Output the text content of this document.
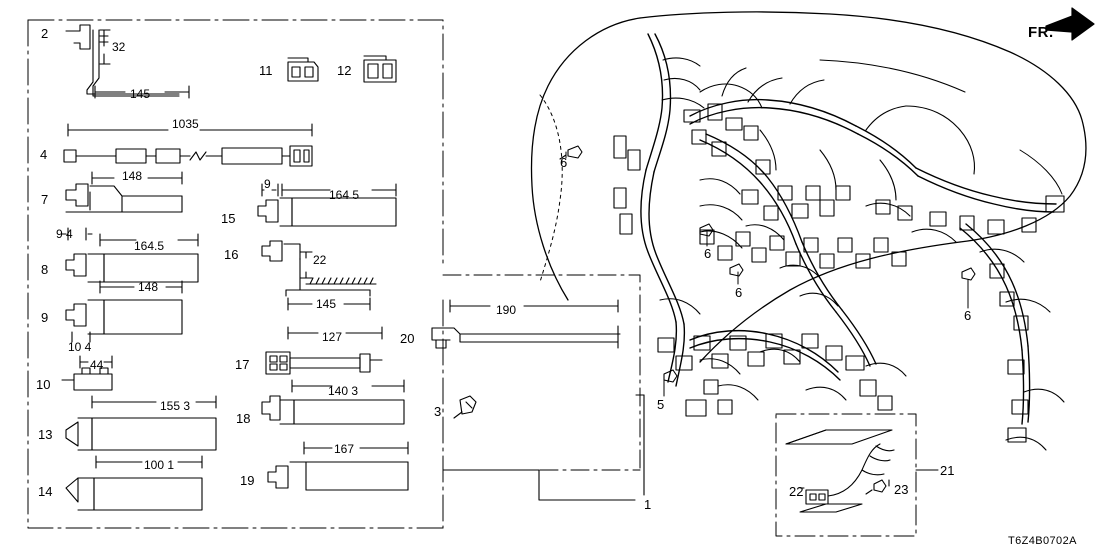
1
2
3
4
5
6
6
6
6
7
8
9
10
11	12
13
14
15
16
17
18
19
20
21
22	23
32
145
1035
148
9
164 5
9 4
164.5
22
148
145
10 4
190
127
44
140 3
155 3
167
100 1
FR.
T6Z4B0702A
